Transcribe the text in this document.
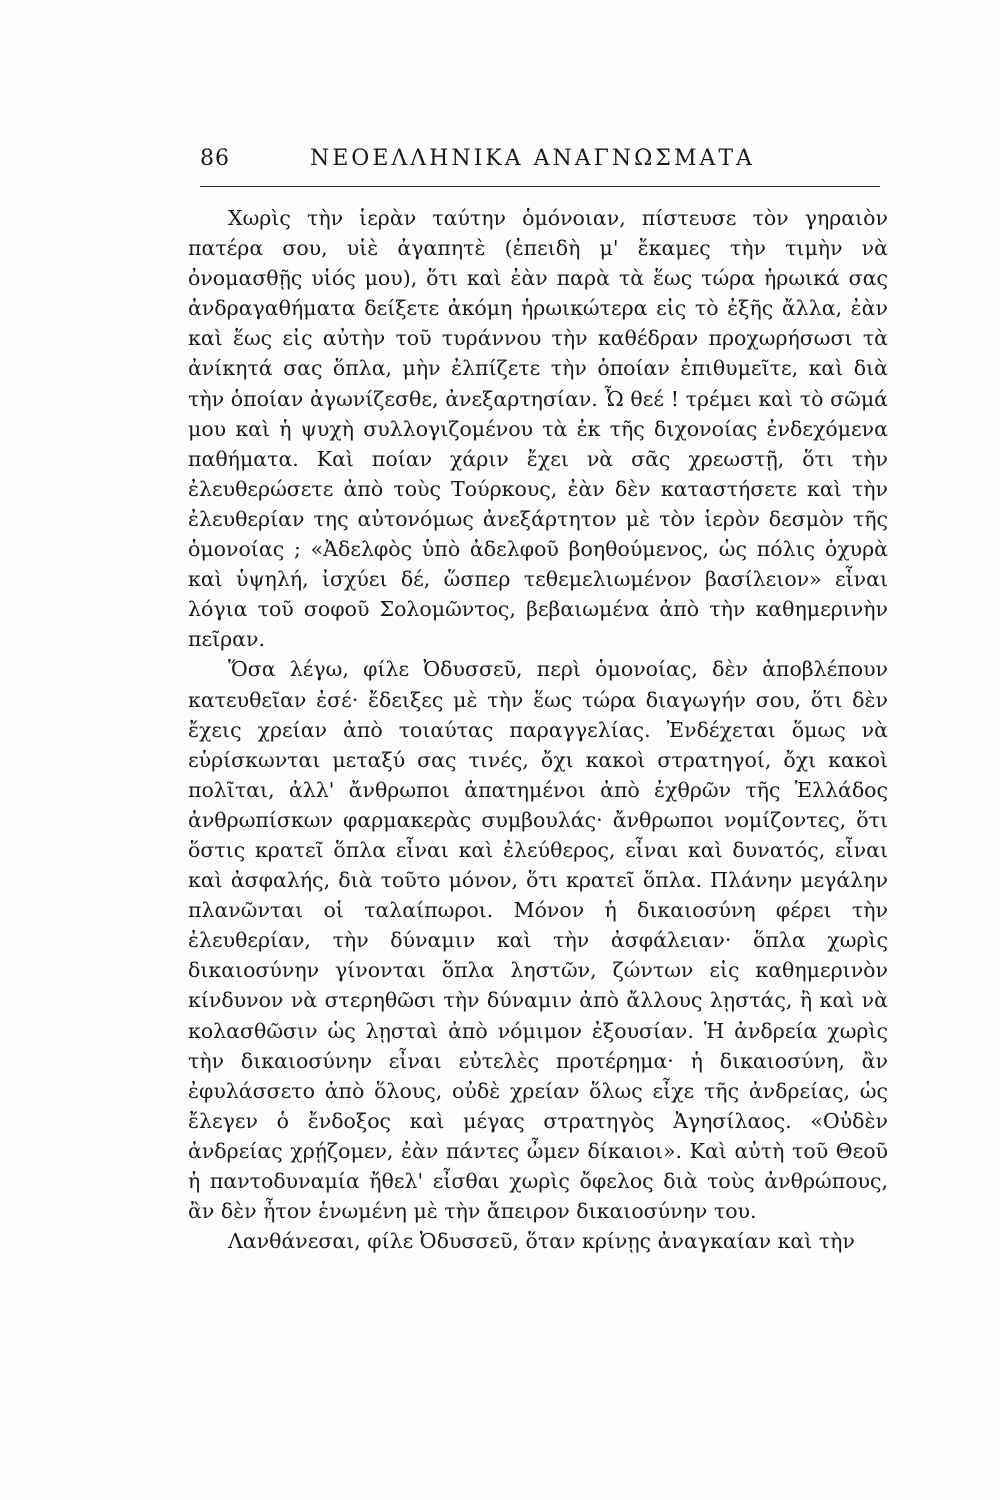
86	ΝΕΟΕΛΛΗΝΙΚΑ ΑΝΑΓΝΩΣΜΑΤΑ

Χωρὶς τὴν ἱερὰν ταύτην ὁμόνοιαν, πίστευσε τὸν γηραιὸν πατέρα σου, υἱὲ ἀγαπητὲ (ἐπειδὴ μ' ἔκαμες τὴν τιμὴν νὰ ὀνομασθῇς υἱός μου), ὅτι καὶ ἐὰν παρὰ τὰ ἕως τώρα ἡρωικά σας ἀνδραγαθήματα δείξετε ἀκόμη ἡρωικώτερα εἰς τὸ ἐξῆς ἄλλα, ἐὰν καὶ ἕως εἰς αὐτὴν τοῦ τυράννου τὴν καθέδραν προχωρήσωσι τὰ ἀνίκητά σας ὅπλα, μὴν ἐλπίζετε τὴν ὁποίαν ἐπιθυμεῖτε, καὶ διὰ τὴν ὁποίαν ἀγωνίζεσθε, ἀνεξαρτησίαν. Ὦ θεέ ! τρέμει καὶ τὸ σῶμά μου καὶ ἡ ψυχὴ συλλογιζομένου τὰ ἐκ τῆς διχονοίας ἐνδεχόμενα παθήματα. Καὶ ποίαν χάριν ἔχει νὰ σᾶς χρεωστῇ, ὅτι τὴν ἐλευθερώσετε ἀπὸ τοὺς Τούρκους, ἐὰν δὲν καταστήσετε καὶ τὴν ἐλευθερίαν της αὐτονόμως ἀνεξάρτητον μὲ τὸν ἱερὸν δεσμὸν τῆς ὁμονοίας ; «Ἀδελφὸς ὑπὸ ἀδελφοῦ βοηθούμενος, ὡς πόλις ὀχυρὰ καὶ ὑψηλή, ἰσχύει δέ, ὥσπερ τεθεμελιωμένον βασίλειον» εἶναι λόγια τοῦ σοφοῦ Σολομῶντος, βεβαιωμένα ἀπὸ τὴν καθημερινὴν πεῖραν.

Ὅσα λέγω, φίλε Ὀδυσσεῦ, περὶ ὁμονοίας, δὲν ἀποβλέπουν κατευθεῖαν ἐσέ· ἔδειξες μὲ τὴν ἕως τώρα διαγωγήν σου, ὅτι δὲν ἔχεις χρείαν ἀπὸ τοιαύτας παραγγελίας. Ἐνδέχεται ὅμως νὰ εὑρίσκωνται μεταξύ σας τινές, ὄχι κακοὶ στρατηγοί, ὄχι κακοὶ πολῖται, ἀλλ' ἄνθρωποι ἀπατημένοι ἀπὸ ἐχθρῶν τῆς Ἑλλάδος ἀνθρωπίσκων φαρμακερὰς συμβουλάς· ἄνθρωποι νομίζοντες, ὅτι ὅστις κρατεῖ ὅπλα εἶναι καὶ ἐλεύθερος, εἶναι καὶ δυνατός, εἶναι καὶ ἀσφαλής, διὰ τοῦτο μόνον, ὅτι κρατεῖ ὅπλα. Πλάνην μεγάλην πλανῶνται οἱ ταλαίπωροι. Μόνον ἡ δικαιοσύνη φέρει τὴν ἐλευθερίαν, τὴν δύναμιν καὶ τὴν ἀσφάλειαν· ὅπλα χωρὶς δικαιοσύνην γίνονται ὅπλα ληστῶν, ζώντων εἰς καθημερινὸν κίνδυνον νὰ στερηθῶσι τὴν δύναμιν ἀπὸ ἄλλους λῃστάς, ἢ καὶ νὰ κολασθῶσιν ὡς λῃσταὶ ἀπὸ νόμιμον ἐξουσίαν. Ἡ ἀνδρεία χωρὶς τὴν δικαιοσύνην εἶναι εὐτελὲς προτέρημα· ἡ δικαιοσύνη, ἂν ἐφυλάσσετο ἀπὸ ὅλους, οὐδὲ χρείαν ὅλως εἶχε τῆς ἀνδρείας, ὡς ἔλεγεν ὁ ἔνδοξος καὶ μέγας στρατηγὸς Ἀγησίλαος. «Οὐδὲν ἀνδρείας χρῄζομεν, ἐὰν πάντες ὦμεν δίκαιοι». Καὶ αὐτὴ τοῦ Θεοῦ ἡ παντοδυναμία ἤθελ' εἶσθαι χωρὶς ὄφελος διὰ τοὺς ἀνθρώπους, ἂν δὲν ἦτον ἑνωμένη μὲ τὴν ἄπειρον δικαιοσύνην του.

Λανθάνεσαι, φίλε Ὀδυσσεῦ, ὅταν κρίνῃς ἀναγκαίαν καὶ τὴν
